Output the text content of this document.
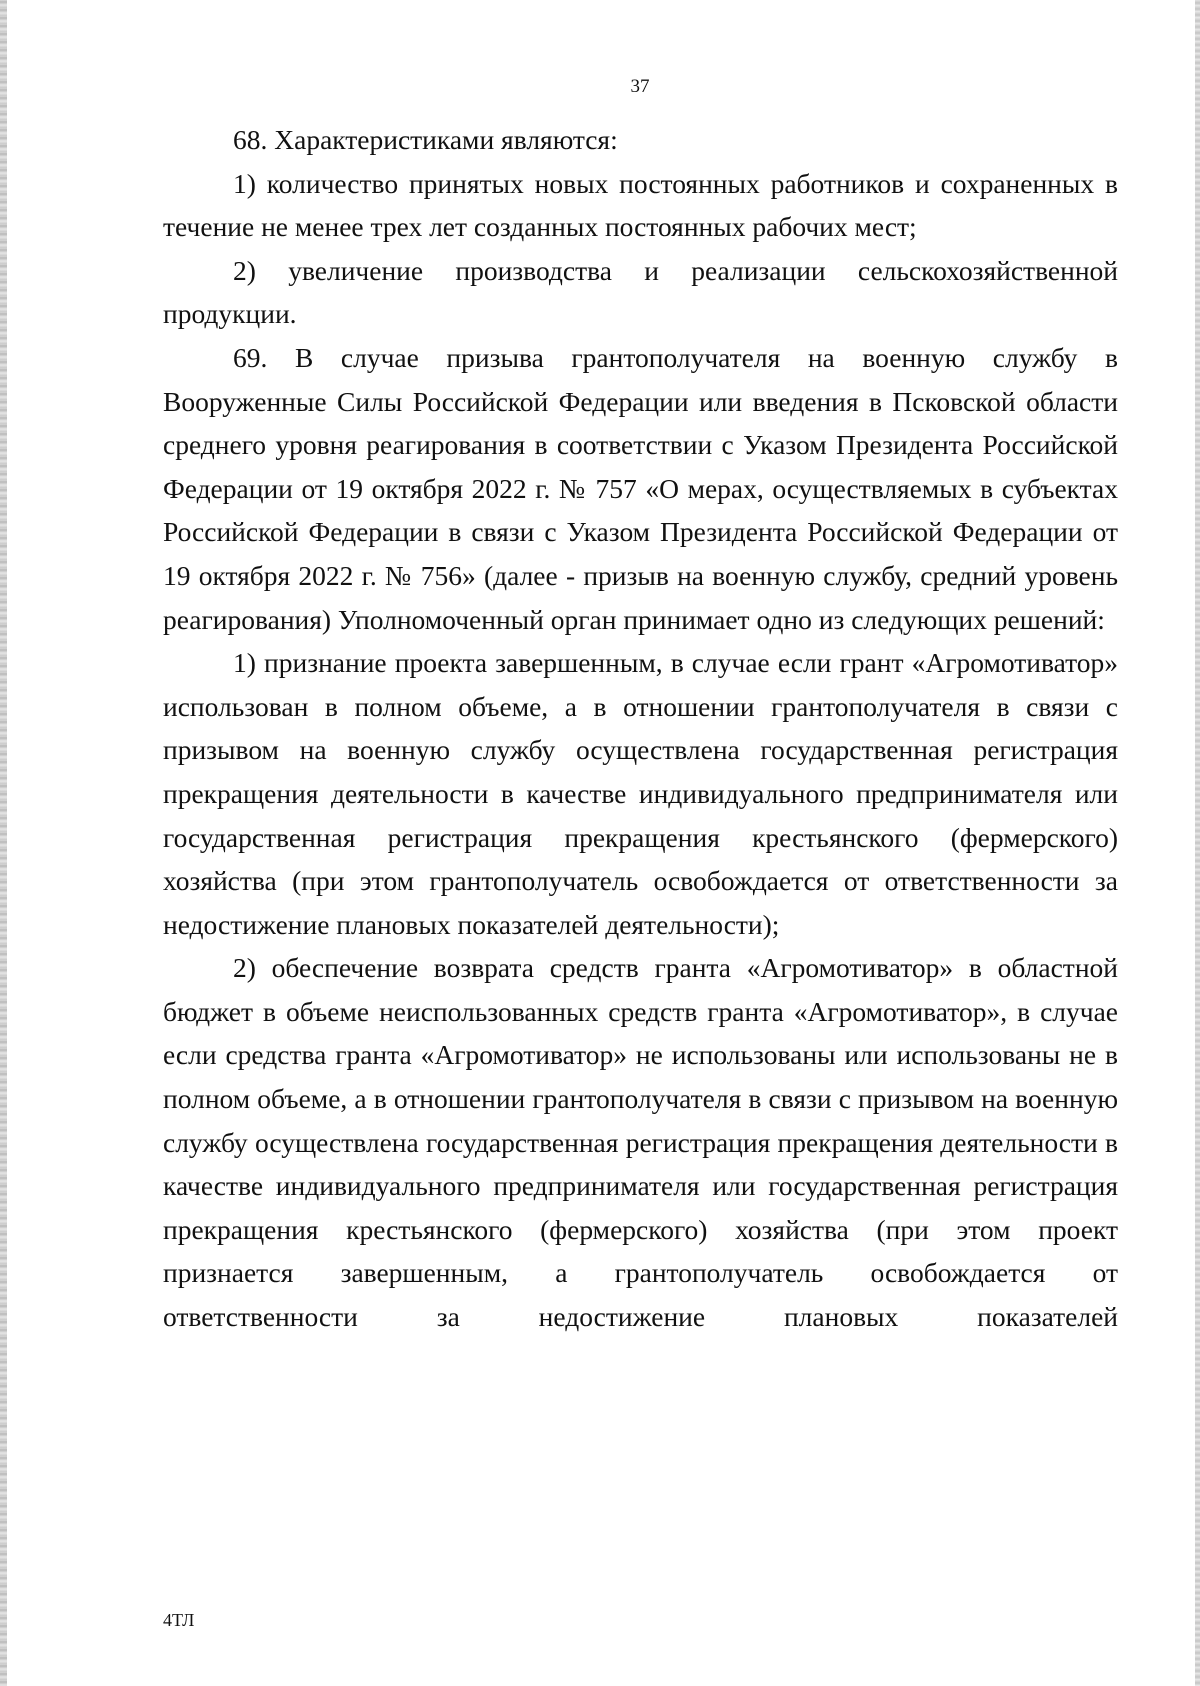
37

68. Характеристиками являются:

1) количество принятых новых постоянных работников и сохраненных в течение не менее трех лет созданных постоянных рабочих мест;

2) увеличение производства и реализации сельскохозяйственной продукции.

69. В случае призыва грантополучателя на военную службу в Вооруженные Силы Российской Федерации или введения в Псковской области среднего уровня реагирования в соответствии с Указом Президента Российской Федерации от 19 октября 2022 г. № 757 «О мерах, осуществляемых в субъектах Российской Федерации в связи с Указом Президента Российской Федерации от 19 октября 2022 г. № 756» (далее - призыв на военную службу, средний уровень реагирования) Уполномоченный орган принимает одно из следующих решений:

1) признание проекта завершенным, в случае если грант «Агромотиватор» использован в полном объеме, а в отношении грантополучателя в связи с призывом на военную службу осуществлена государственная регистрация прекращения деятельности в качестве индивидуального предпринимателя или государственная регистрация прекращения крестьянского (фермерского) хозяйства (при этом грантополучатель освобождается от ответственности за недостижение плановых показателей деятельности);

2) обеспечение возврата средств гранта «Агромотиватор» в областной бюджет в объеме неиспользованных средств гранта «Агромотиватор», в случае если средства гранта «Агромотиватор» не использованы или использованы не в полном объеме, а в отношении грантополучателя в связи с призывом на военную службу осуществлена государственная регистрация прекращения деятельности в качестве индивидуального предпринимателя или государственная регистрация прекращения крестьянского (фермерского) хозяйства (при этом проект признается завершенным, а грантополучатель освобождается от ответственности за недостижение плановых показателей

4ТЛ
